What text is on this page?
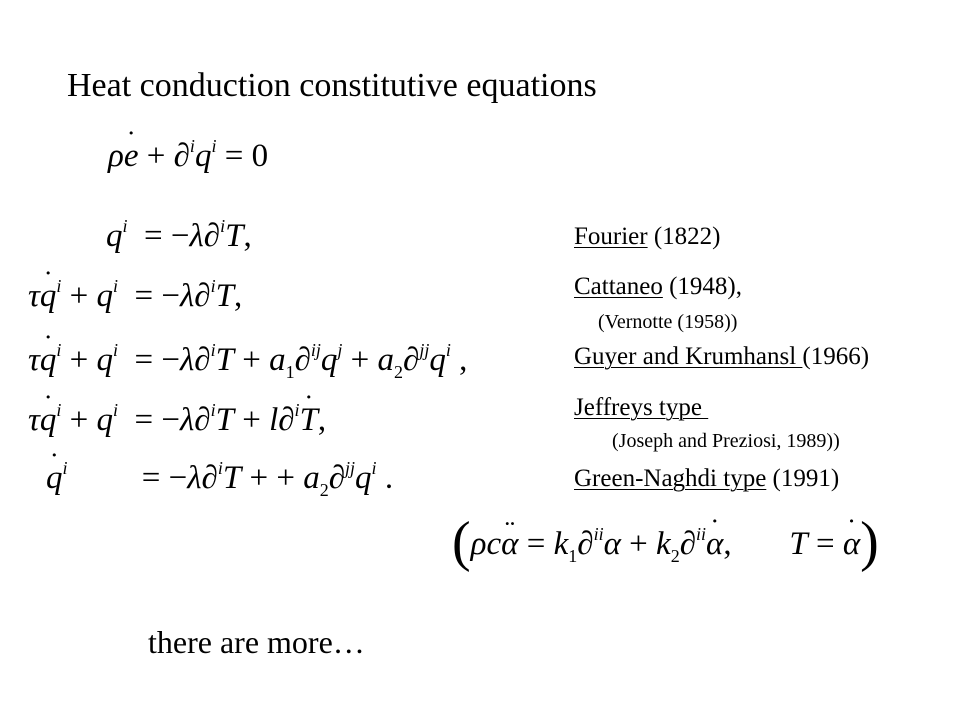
Heat conduction constitutive equations
ρe ˙ + $\partial^iq^i = 0$
$q^i = -\lambda\partial^iT$,
τq ˙$^i$ + $q^i = -\lambda\partial^iT$,
τq ˙$^i$ + $q^i = -\lambda\partial^iT + a_1\partial^{ij}q^j + a_2\partial^{jj}q^i$ ,
τq ˙$^i$ + $q^i = -\lambda\partial^iT + l\partial^iT$ ˙,
q ˙$^i$         = −λ∂$^i$T + + $a_2\partial^{jj}q^i$ .
(ρcα ¨ = $k_1\partial^{ii}\alpha + k_2\partial^{ii}\alpha$ ˙,       T = α ˙)
Fourier (1822)
Cattaneo (1948),
(Vernotte (1958))
Guyer and Krumhansl (1966)
Jeffreys type
(Joseph and Preziosi, 1989))
Green-Naghdi type (1991)
there are more…
